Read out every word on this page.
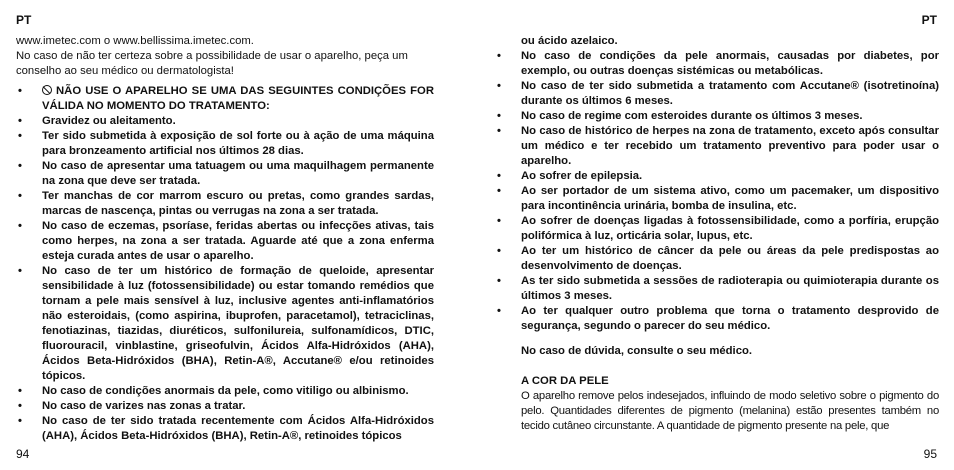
PT

www.imetec.com o www.bellissima.imetec.com.

No caso de não ter certeza sobre a possibilidade de usar o aparelho, peça um conselho ao seu médico ou dermatologista!

• NÃO USE O APARELHO SE UMA DAS SEGUINTES CONDIÇÕES FOR VÁLIDA NO MOMENTO DO TRATAMENTO:
• Gravidez ou aleitamento.
• Ter sido submetida à exposição de sol forte ou à ação de uma máquina para bronzeamento artificial nos últimos 28 dias.
• No caso de apresentar uma tatuagem ou uma maquilhagem permanente na zona que deve ser tratada.
• Ter manchas de cor marrom escuro ou pretas, como grandes sardas, marcas de nascença, pintas ou verrugas na zona a ser tratada.
• No caso de eczemas, psoríase, feridas abertas ou infecções ativas, tais como herpes, na zona a ser tratada. Aguarde até que a zona enferma esteja curada antes de usar o aparelho.
• No caso de ter um histórico de formação de queloide, apresentar sensibilidade à luz (fotossensibilidade) ou estar tomando remédios que tornam a pele mais sensível à luz, inclusive agentes anti-inflamatórios não esteroidais, (como aspirina, ibuprofen, paracetamol), tetraciclinas, fenotiazinas, tiazidas, diuréticos, sulfonilureia, sulfonamídicos, DTIC, fluorouracil, vinblastine, griseofulvin, Ácidos Alfa-Hidróxidos (AHA), Ácidos Beta-Hidróxidos (BHA), Retin-A®, Accutane® e/ou retinoides tópicos.
• No caso de condições anormais da pele, como vitiligo ou albinismo.
• No caso de varizes nas zonas a tratar.
• No caso de ter sido tratada recentemente com Ácidos Alfa-Hidróxidos (AHA), Ácidos Beta-Hidróxidos (BHA), Retin-A®, retinoides tópicos
94
PT
ou ácido azelaico.
• No caso de condições da pele anormais, causadas por diabetes, por exemplo, ou outras doenças sistémicas ou metabólicas.
• No caso de ter sido submetida a tratamento com Accutane® (isotretinoína) durante os últimos 6 meses.
• No caso de regime com esteroides durante os últimos 3 meses.
• No caso de histórico de herpes na zona de tratamento, exceto após consultar um médico e ter recebido um tratamento preventivo para poder usar o aparelho.
• Ao sofrer de epilepsia.
• Ao ser portador de um sistema ativo, como um pacemaker, um dispositivo para incontinência urinária, bomba de insulina, etc.
• Ao sofrer de doenças ligadas à fotossensibilidade, como a porfíria, erupção polifórmica à luz, orticária solar, lupus, etc.
• Ao ter um histórico de câncer da pele ou áreas da pele predispostas ao desenvolvimento de doenças.
• As ter sido submetida a sessões de radioterapia ou quimioterapia durante os últimos 3 meses.
• Ao ter qualquer outro problema que torna o tratamento desprovido de segurança, segundo o parecer do seu médico.

No caso de dúvida, consulte o seu médico.

A COR DA PELE

O aparelho remove pelos indesejados, influindo de modo seletivo sobre o pigmento do pelo. Quantidades diferentes de pigmento (melanina) estão presentes também no tecido cutâneo circunstante. A quantidade de pigmento presente na pele, que

95
